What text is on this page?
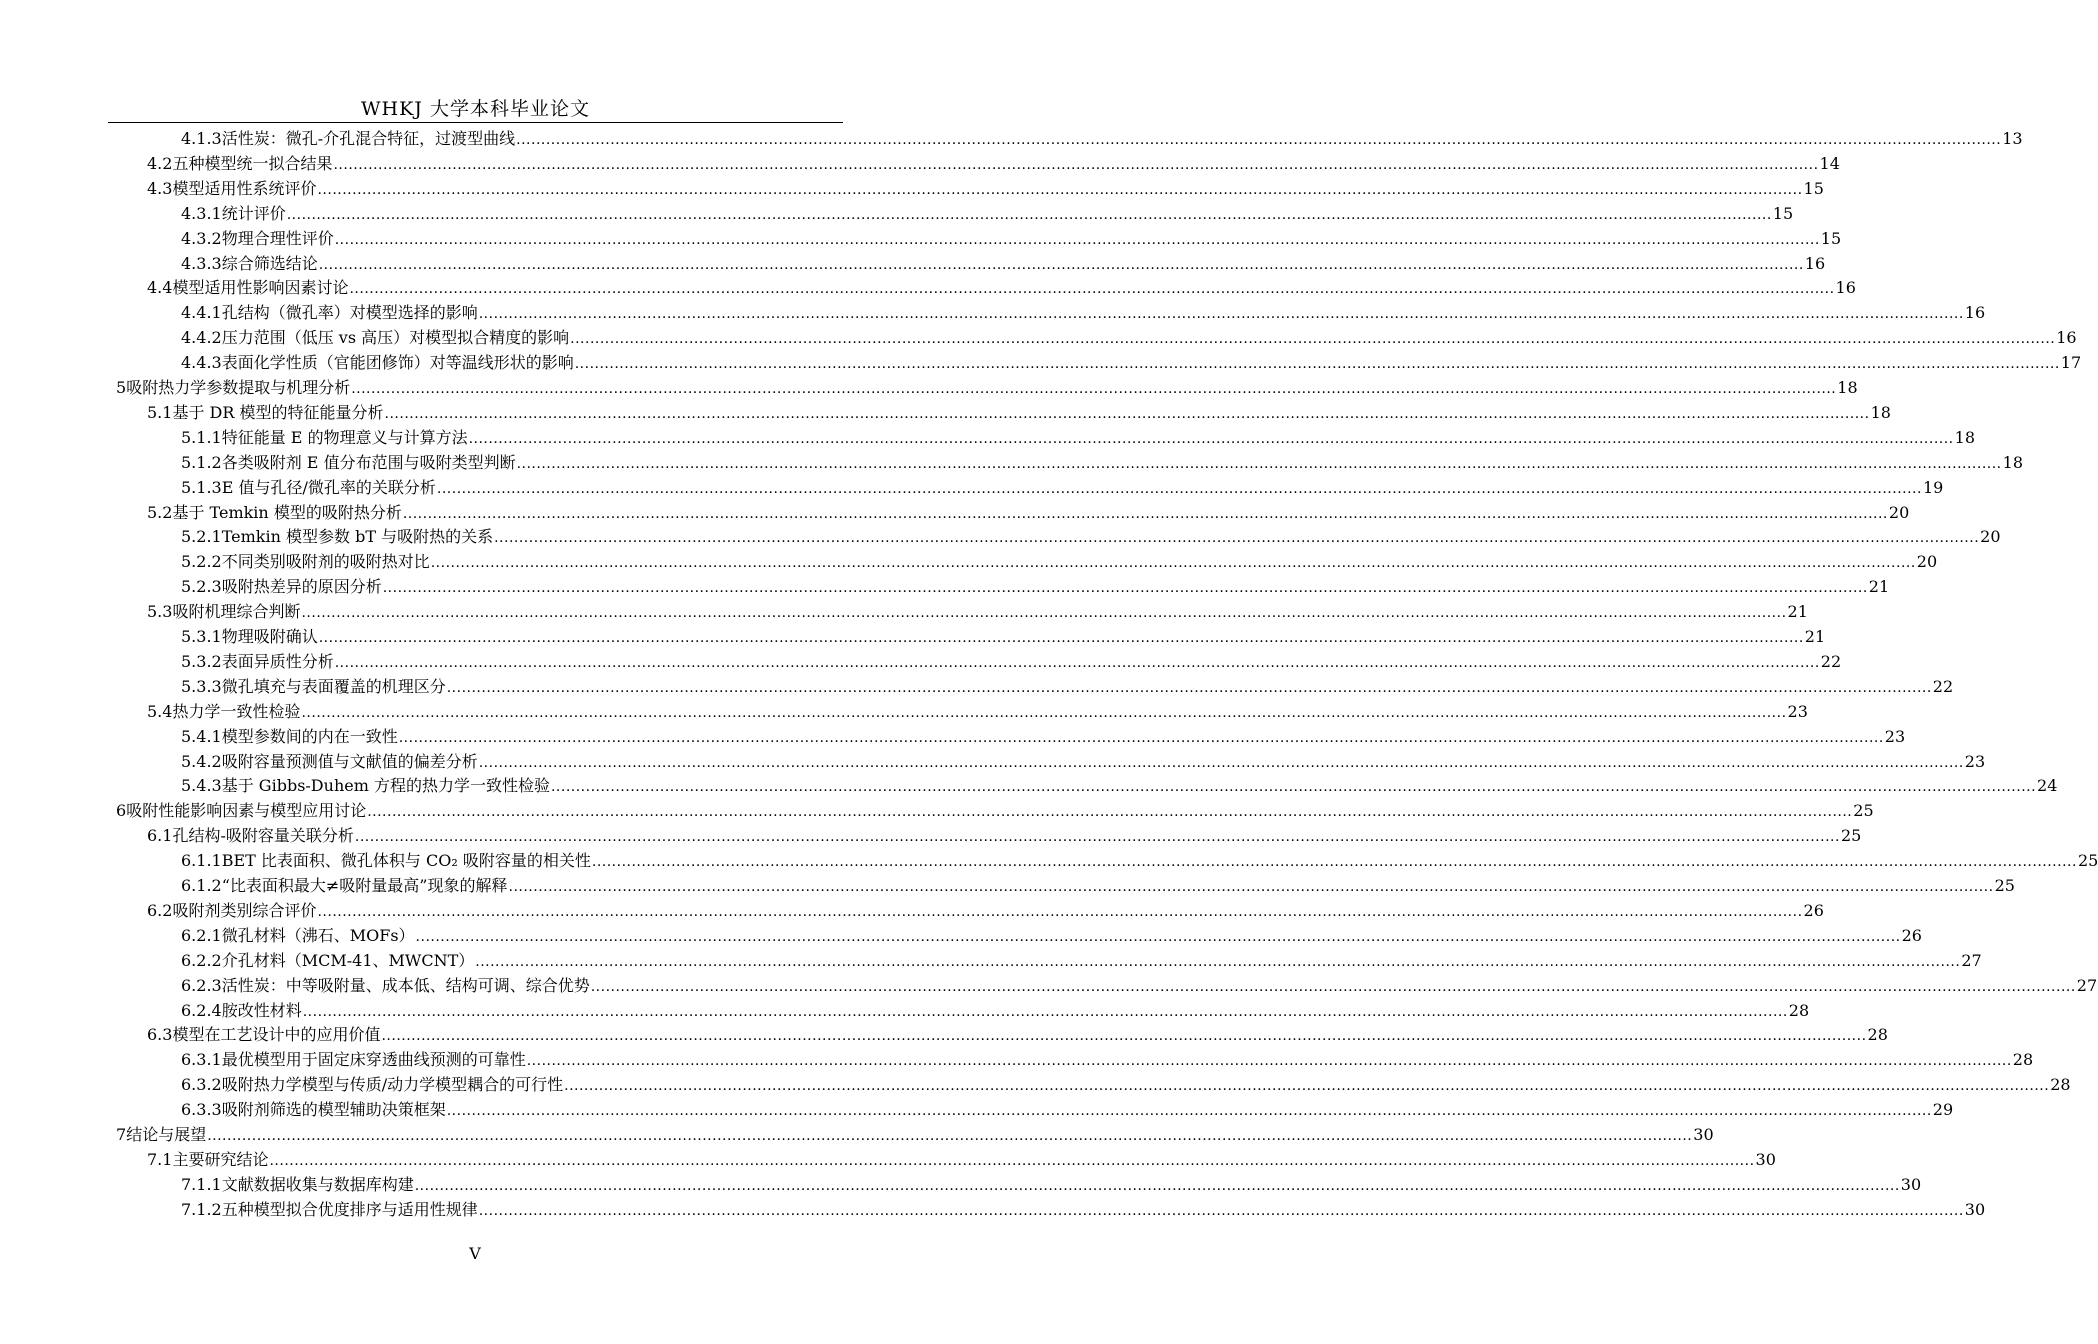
WHKJ 大学本科毕业论文
4.1.3 活性炭：微孔-介孔混合特征，过渡型曲线 ............................................................................................................................................................................................................................................................................................................ 13
4.2 五种模型统一拟合结果 ............................................................................................................................................................................................................................................................................................................ 14
4.3 模型适用性系统评价 ............................................................................................................................................................................................................................................................................................................ 15
4.3.1 统计评价 ............................................................................................................................................................................................................................................................................................................ 15
4.3.2 物理合理性评价 ............................................................................................................................................................................................................................................................................................................ 15
4.3.3 综合筛选结论 ............................................................................................................................................................................................................................................................................................................ 16
4.4 模型适用性影响因素讨论 ............................................................................................................................................................................................................................................................................................................ 16
4.4.1 孔结构（微孔率）对模型选择的影响 ............................................................................................................................................................................................................................................................................................................ 16
4.4.2 压力范围（低压 vs 高压）对模型拟合精度的影响 ............................................................................................................................................................................................................................................................................................................ 16
4.4.3 表面化学性质（官能团修饰）对等温线形状的影响 ............................................................................................................................................................................................................................................................................................................ 17
5 吸附热力学参数提取与机理分析 ............................................................................................................................................................................................................................................................................................................ 18
5.1 基于 DR 模型的特征能量分析 ............................................................................................................................................................................................................................................................................................................ 18
5.1.1 特征能量 E 的物理意义与计算方法 ............................................................................................................................................................................................................................................................................................................ 18
5.1.2 各类吸附剂 E 值分布范围与吸附类型判断 ............................................................................................................................................................................................................................................................................................................ 18
5.1.3 E 值与孔径/微孔率的关联分析 ............................................................................................................................................................................................................................................................................................................ 19
5.2 基于 Temkin 模型的吸附热分析 ............................................................................................................................................................................................................................................................................................................ 20
5.2.1 Temkin 模型参数 bT 与吸附热的关系 ............................................................................................................................................................................................................................................................................................................ 20
5.2.2 不同类别吸附剂的吸附热对比 ............................................................................................................................................................................................................................................................................................................ 20
5.2.3 吸附热差异的原因分析 ............................................................................................................................................................................................................................................................................................................ 21
5.3 吸附机理综合判断 ............................................................................................................................................................................................................................................................................................................ 21
5.3.1 物理吸附确认 ............................................................................................................................................................................................................................................................................................................ 21
5.3.2 表面异质性分析 ............................................................................................................................................................................................................................................................................................................ 22
5.3.3 微孔填充与表面覆盖的机理区分 ............................................................................................................................................................................................................................................................................................................ 22
5.4 热力学一致性检验 ............................................................................................................................................................................................................................................................................................................ 23
5.4.1 模型参数间的内在一致性 ............................................................................................................................................................................................................................................................................................................ 23
5.4.2 吸附容量预测值与文献值的偏差分析 ............................................................................................................................................................................................................................................................................................................ 23
5.4.3 基于 Gibbs-Duhem 方程的热力学一致性检验 ............................................................................................................................................................................................................................................................................................................ 24
6 吸附性能影响因素与模型应用讨论 ............................................................................................................................................................................................................................................................................................................ 25
6.1 孔结构-吸附容量关联分析 ............................................................................................................................................................................................................................................................................................................ 25
6.1.1 BET 比表面积、微孔体积与 CO₂ 吸附容量的相关性 ............................................................................................................................................................................................................................................................................................................ 25
6.1.2 “比表面积最大≠吸附量最高”现象的解释 ............................................................................................................................................................................................................................................................................................................ 25
6.2 吸附剂类别综合评价 ............................................................................................................................................................................................................................................................................................................ 26
6.2.1 微孔材料（沸石、MOFs） ............................................................................................................................................................................................................................................................................................................ 26
6.2.2 介孔材料（MCM-41、MWCNT） ............................................................................................................................................................................................................................................................................................................ 27
6.2.3 活性炭：中等吸附量、成本低、结构可调、综合优势 ............................................................................................................................................................................................................................................................................................................ 27
6.2.4 胺改性材料 ............................................................................................................................................................................................................................................................................................................ 28
6.3 模型在工艺设计中的应用价值 ............................................................................................................................................................................................................................................................................................................ 28
6.3.1 最优模型用于固定床穿透曲线预测的可靠性 ............................................................................................................................................................................................................................................................................................................ 28
6.3.2 吸附热力学模型与传质/动力学模型耦合的可行性 ............................................................................................................................................................................................................................................................................................................ 28
6.3.3 吸附剂筛选的模型辅助决策框架 ............................................................................................................................................................................................................................................................................................................ 29
7 结论与展望 ............................................................................................................................................................................................................................................................................................................ 30
7.1 主要研究结论 ............................................................................................................................................................................................................................................................................................................ 30
7.1.1 文献数据收集与数据库构建 ............................................................................................................................................................................................................................................................................................................ 30
7.1.2 五种模型拟合优度排序与适用性规律 ............................................................................................................................................................................................................................................................................................................ 30
V
